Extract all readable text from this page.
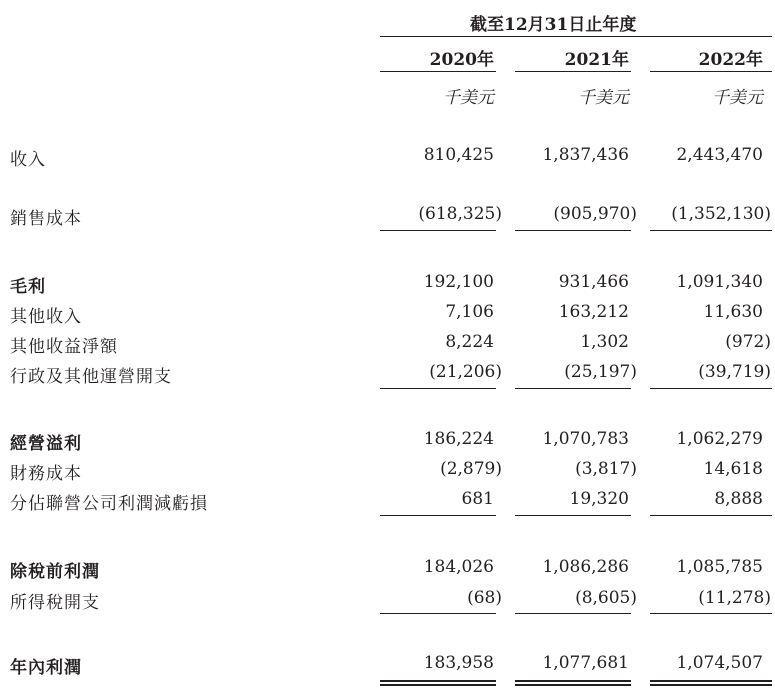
截至12月31日止年度
2020年	2021年	2022年
千美元	千美元	千美元
收入	810,425	1,837,436	2,443,470
銷售成本	(618,325)	(905,970) (1,352,130)
毛利	192,100	931,466	1,091,340
其他收入	7,106	163,212	11,630
其他收益淨額	8,224	1,302	(972)
行政及其他運營開支	(21,206)	(25,197)	(39,719)
經營溢利	186,224	1,070,783	1,062,279
財務成本	(2,879)	(3,817)	14,618
分佔聯營公司利潤減虧損	681	19,320	8,888
除稅前利潤	184,026	1,086,286	1,085,785
所得稅開支	(68)	(8,605)	(11,278)
年內利潤	183,958	1,077,681	1,074,507
